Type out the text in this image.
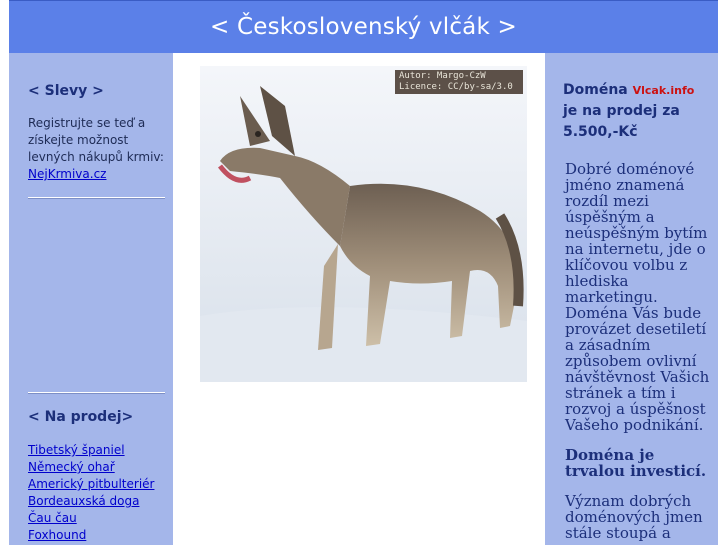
< Československý vlčák >
< Slevy >
Registrujte se teď a získejte možnost levných nákupů krmiv:
NejKrmiva.cz
< Na prodej>
Tibetský španiel
Německý ohař
Americký pitbulteriér
Bordeauxská doga
Čau čau
Foxhound
Autor: Margo-CzW
Licence: CC/by-sa/3.0	Doména Vlcak.info je na prodej za 5.500,-Kč
Dobré doménové jméno znamená rozdíl mezi úspěšným a neúspěšným bytím na internetu, jde o klíčovou volbu z hlediska marketingu. Doména Vás bude provázet desetiletí a zásadním způsobem ovlivní návštěvnost Vašich stránek a tím i rozvoj a úspěšnost Vašeho podnikání.
Doména je trvalou investicí.
Význam dobrých doménových jmen stále stoupá a
